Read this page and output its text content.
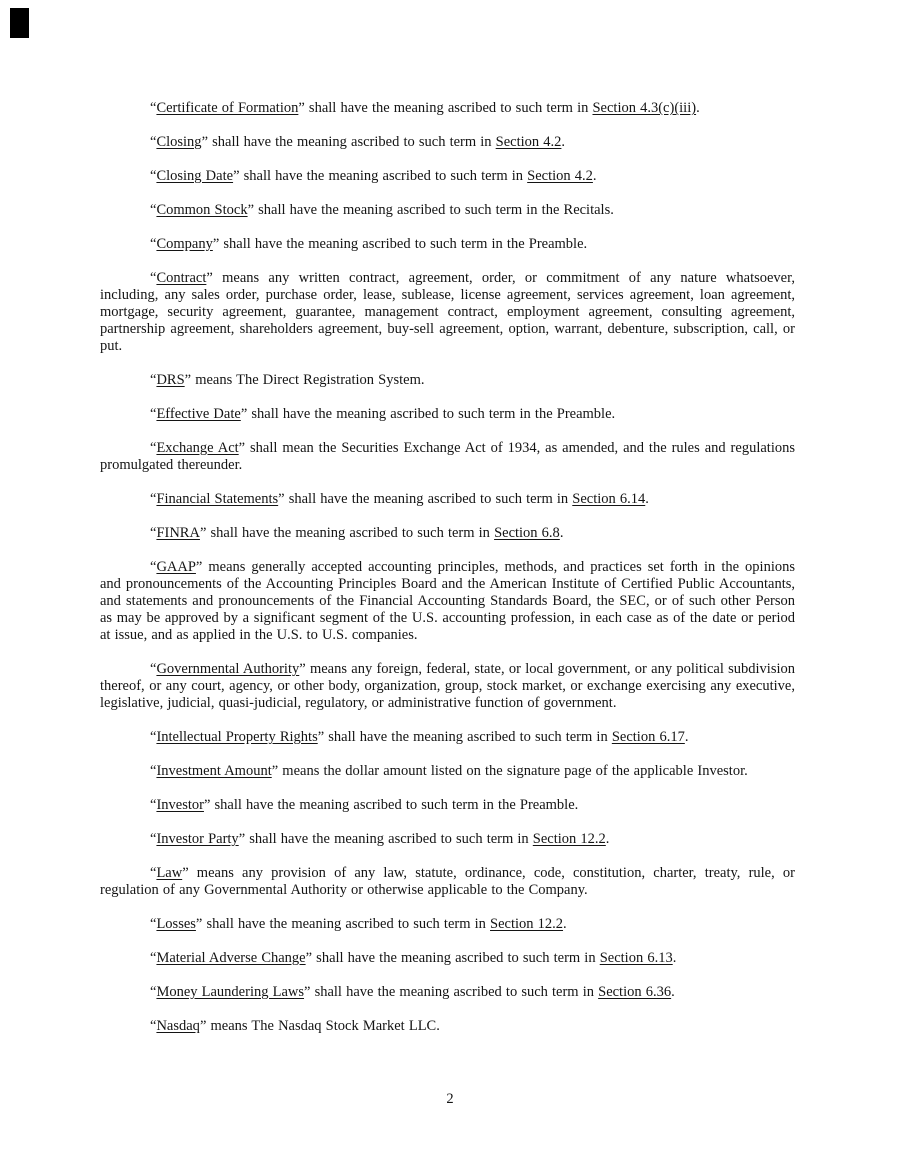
“Certificate of Formation” shall have the meaning ascribed to such term in Section 4.3(c)(iii).

“Closing” shall have the meaning ascribed to such term in Section 4.2.

“Closing Date” shall have the meaning ascribed to such term in Section 4.2.

“Common Stock” shall have the meaning ascribed to such term in the Recitals.

“Company” shall have the meaning ascribed to such term in the Preamble.

“Contract” means any written contract, agreement, order, or commitment of any nature whatsoever, including, any sales order, purchase order, lease, sublease, license agreement, services agreement, loan agreement, mortgage, security agreement, guarantee, management contract, employment agreement, consulting agreement, partnership agreement, shareholders agreement, buy-sell agreement, option, warrant, debenture, subscription, call, or put.

“DRS” means The Direct Registration System.

“Effective Date” shall have the meaning ascribed to such term in the Preamble.

“Exchange Act” shall mean the Securities Exchange Act of 1934, as amended, and the rules and regulations promulgated thereunder.

“Financial Statements” shall have the meaning ascribed to such term in Section 6.14.

“FINRA” shall have the meaning ascribed to such term in Section 6.8.

“GAAP” means generally accepted accounting principles, methods, and practices set forth in the opinions and pronouncements of the Accounting Principles Board and the American Institute of Certified Public Accountants, and statements and pronouncements of the Financial Accounting Standards Board, the SEC, or of such other Person as may be approved by a significant segment of the U.S. accounting profession, in each case as of the date or period at issue, and as applied in the U.S. to U.S. companies.

“Governmental Authority” means any foreign, federal, state, or local government, or any political subdivision thereof, or any court, agency, or other body, organization, group, stock market, or exchange exercising any executive, legislative, judicial, quasi-judicial, regulatory, or administrative function of government.

“Intellectual Property Rights” shall have the meaning ascribed to such term in Section 6.17.

“Investment Amount” means the dollar amount listed on the signature page of the applicable Investor.

“Investor” shall have the meaning ascribed to such term in the Preamble.

“Investor Party” shall have the meaning ascribed to such term in Section 12.2.

“Law” means any provision of any law, statute, ordinance, code, constitution, charter, treaty, rule, or regulation of any Governmental Authority or otherwise applicable to the Company.

“Losses” shall have the meaning ascribed to such term in Section 12.2.

“Material Adverse Change” shall have the meaning ascribed to such term in Section 6.13.

“Money Laundering Laws” shall have the meaning ascribed to such term in Section 6.36.

“Nasdaq” means The Nasdaq Stock Market LLC.

2
